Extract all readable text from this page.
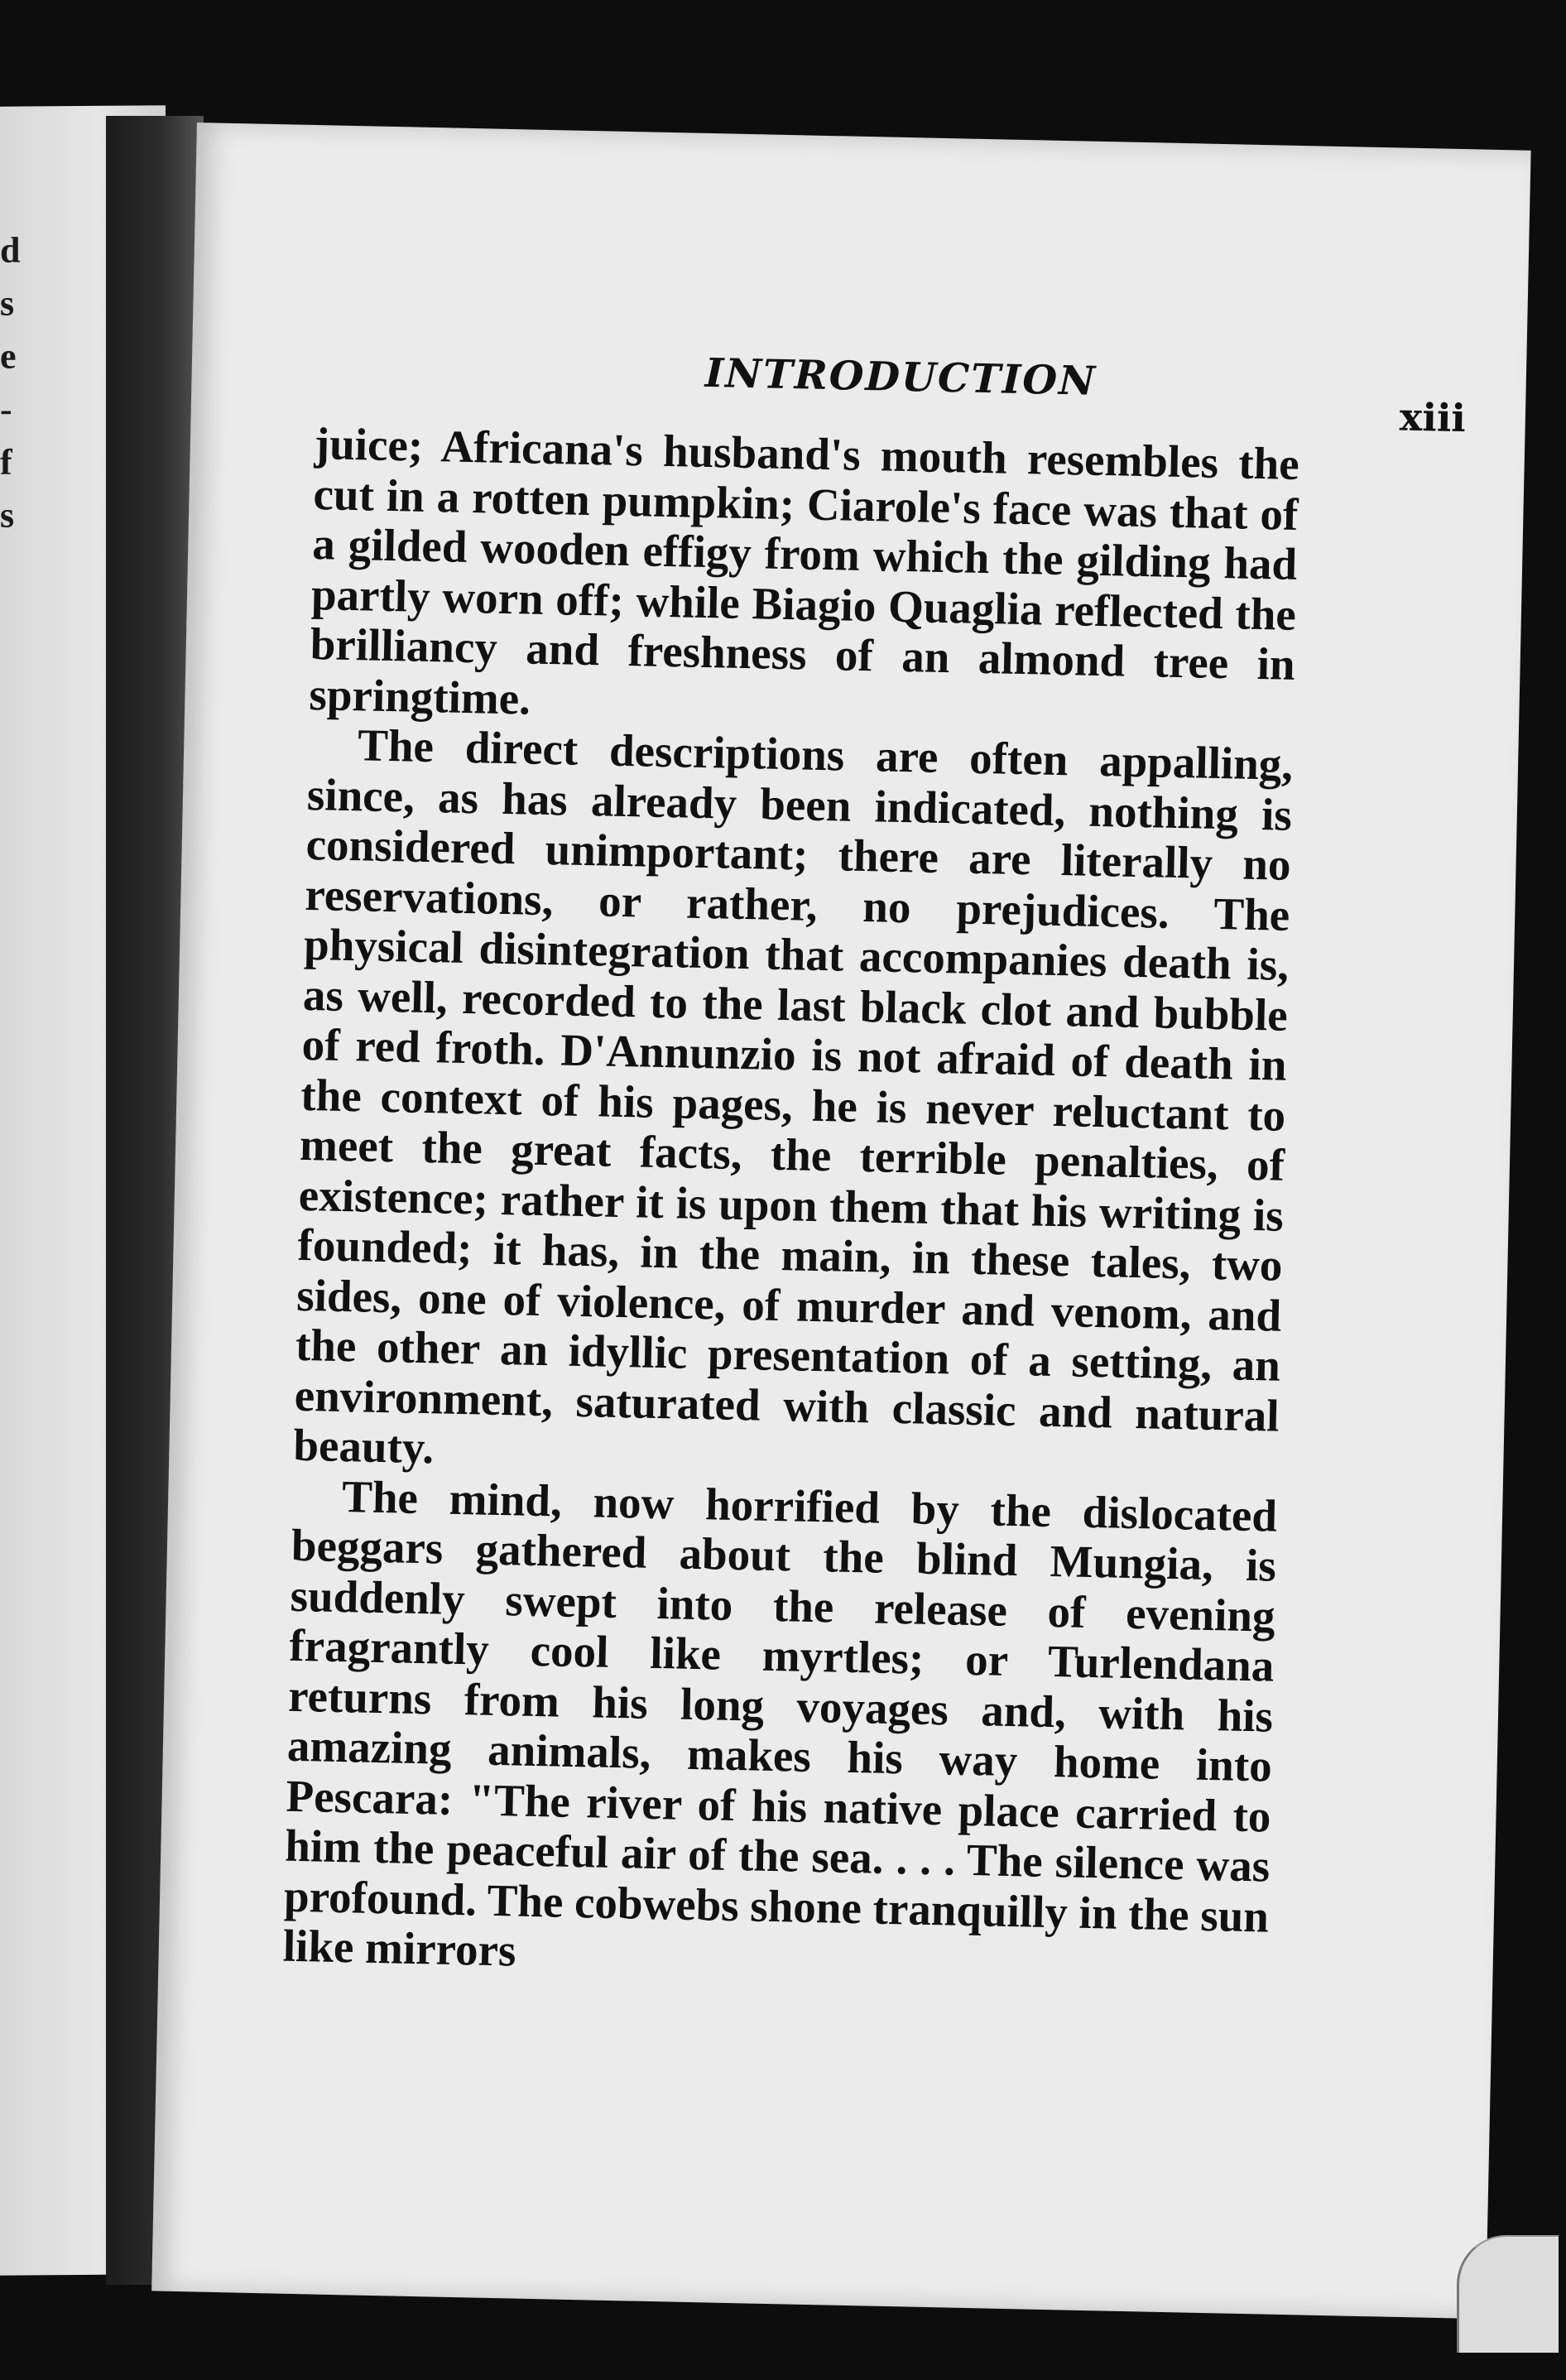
d
s
e
-
f
s
INTRODUCTION
xiii

juice; Africana's husband's mouth resembles the cut in a rotten pumpkin; Ciarole's face was that of a gilded wooden effigy from which the gilding had partly worn off; while Biagio Quaglia reflected the brilliancy and freshness of an almond tree in springtime.

The direct descriptions are often appalling, since, as has already been indicated, nothing is considered unimportant; there are literally no reservations, or rather, no prejudices. The physical disintegration that accompanies death is, as well, recorded to the last black clot and bubble of red froth. D'Annunzio is not afraid of death in the context of his pages, he is never reluctant to meet the great facts, the terrible penalties, of existence; rather it is upon them that his writing is founded; it has, in the main, in these tales, two sides, one of violence, of murder and venom, and the other an idyllic presentation of a setting, an environment, saturated with classic and natural beauty.

The mind, now horrified by the dislocated beggars gathered about the blind Mungia, is suddenly swept into the release of evening fragrantly cool like myrtles; or Turlendana returns from his long voyages and, with his amazing animals, makes his way home into Pescara: "The river of his native place carried to him the peaceful air of the sea. . . . The silence was profound. The cobwebs shone tranquilly in the sun like mirrors
